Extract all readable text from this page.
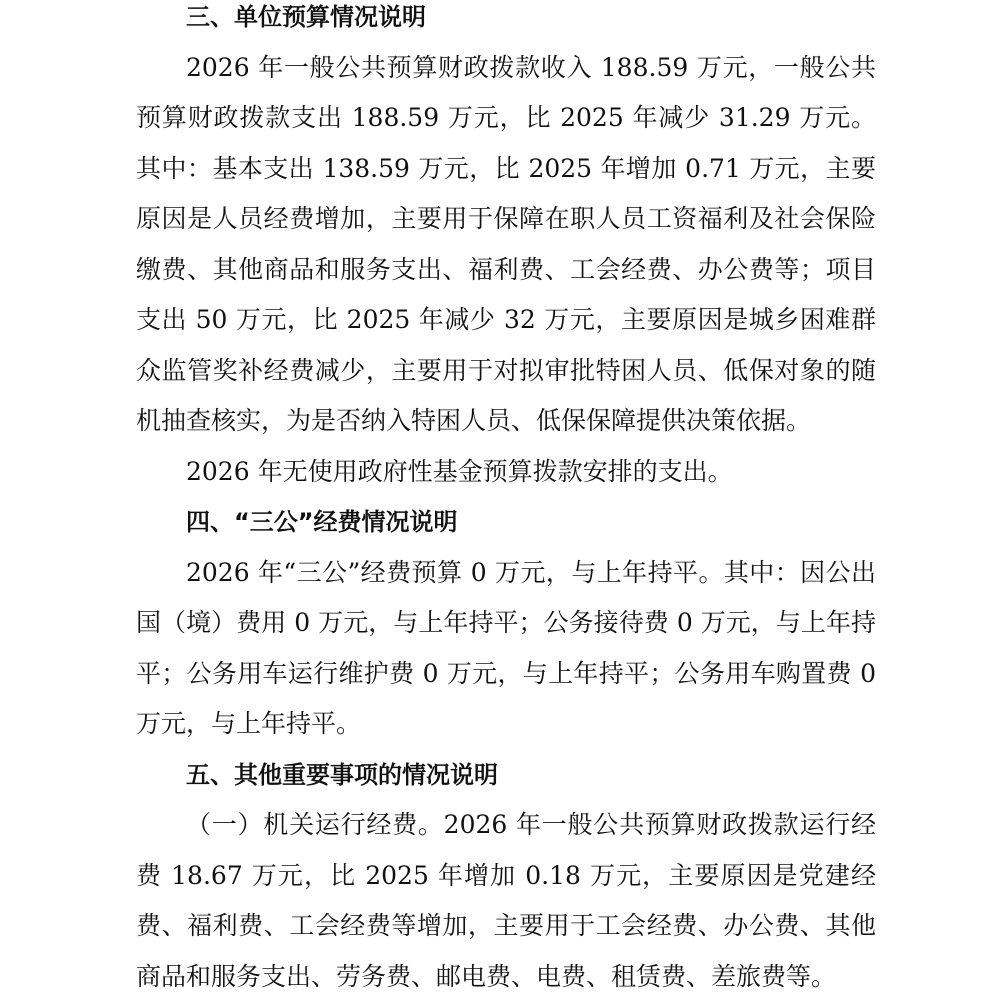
三、单位预算情况说明

2026 年一般公共预算财政拨款收入 188.59 万元，一般公共预算财政拨款支出 188.59 万元，比 2025 年减少 31.29 万元。其中：基本支出 138.59 万元，比 2025 年增加 0.71 万元，主要原因是人员经费增加，主要用于保障在职人员工资福利及社会保险缴费、其他商品和服务支出、福利费、工会经费、办公费等；项目支出 50 万元，比 2025 年减少 32 万元，主要原因是城乡困难群众监管奖补经费减少，主要用于对拟审批特困人员、低保对象的随机抽查核实，为是否纳入特困人员、低保保障提供决策依据。

2026 年无使用政府性基金预算拨款安排的支出。

四、“三公”经费情况说明

2026 年“三公”经费预算 0 万元，与上年持平。其中：因公出国（境）费用 0 万元，与上年持平；公务接待费 0 万元，与上年持平；公务用车运行维护费 0 万元，与上年持平；公务用车购置费 0 万元，与上年持平。

五、其他重要事项的情况说明

（一）机关运行经费。2026 年一般公共预算财政拨款运行经费 18.67 万元，比 2025 年增加 0.18 万元，主要原因是党建经费、福利费、工会经费等增加，主要用于工会经费、办公费、其他商品和服务支出、劳务费、邮电费、电费、租赁费、差旅费等。
